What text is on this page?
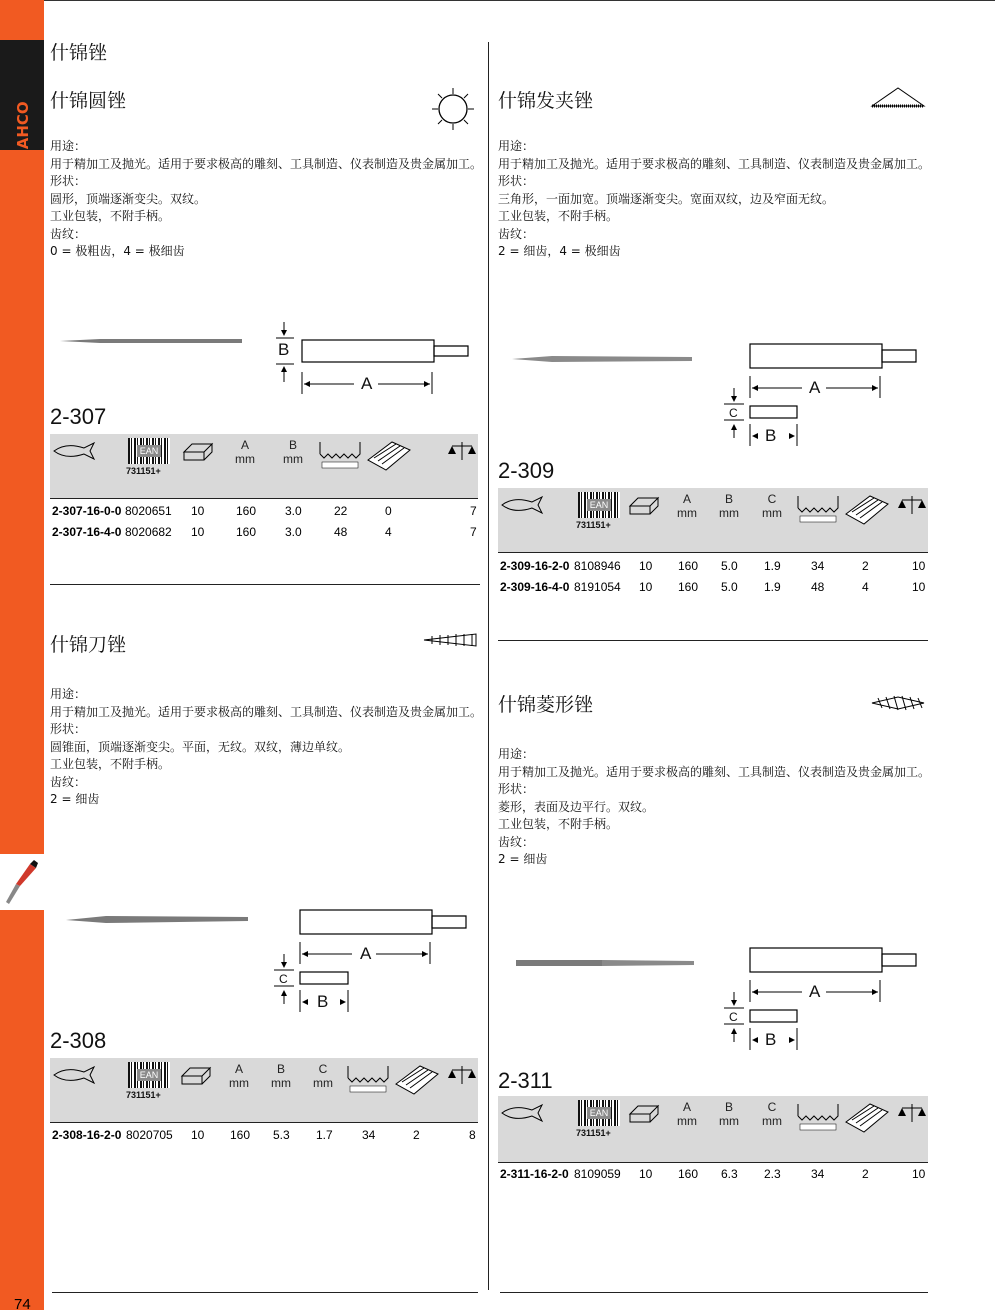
BAHCO
74
什锦锉
什锦圆锉
用途：
用于精加工及抛光。适用于要求极高的雕刻、工具制造、仪表制造及贵金属加工。
形状：
圆形，顶端逐渐变尖。双纹。
工业包装，不附手柄。
齿纹：
0 = 极粗齿，4 = 极细齿
B
A
2-307
EAN
731151+
A
mm
B
mm
2-307-16-0-0 8020651 10	160 3.0	22	0	7
2-307-16-4-0 8020682 10	160 3.0	48	4	7
什锦发夹锉
用途：
用于精加工及抛光。适用于要求极高的雕刻、工具制造、仪表制造及贵金属加工。
形状：
三角形，一面加宽。顶端逐渐变尖。宽面双纹，边及窄面无纹。
工业包装，不附手柄。
齿纹：
2 = 细齿，4 = 极细齿
A
C
B
2-309
EAN
731151+
A
mm
B
mm
C
mm
2-309-16-2-0 8108946 10 160 5.0 1.9	34	2	10
2-309-16-4-0 8191054 10 160 5.0 1.9	48	4	10
什锦刀锉
用途：
用于精加工及抛光。适用于要求极高的雕刻、工具制造、仪表制造及贵金属加工。
形状：
圆锥面，顶端逐渐变尖。平面，无纹。双纹，薄边单纹。
工业包装，不附手柄。
齿纹：
2 = 细齿
A
C
B
2-308
EAN
731151+
A
mm
B
mm
C
mm
2-308-16-2-0 8020705 10 160 5.3 1.7 34	2	8
什锦菱形锉
用途：
用于精加工及抛光。适用于要求极高的雕刻、工具制造、仪表制造及贵金属加工。
形状：
菱形，表面及边平行。双纹。
工业包装，不附手柄。
齿纹：
2 = 细齿
A
C
B
2-311
EAN
731151+
A
mm
B
mm
C
mm
2-311-16-2-0 8109059 10 160 6.3 2.3	34	2	10
